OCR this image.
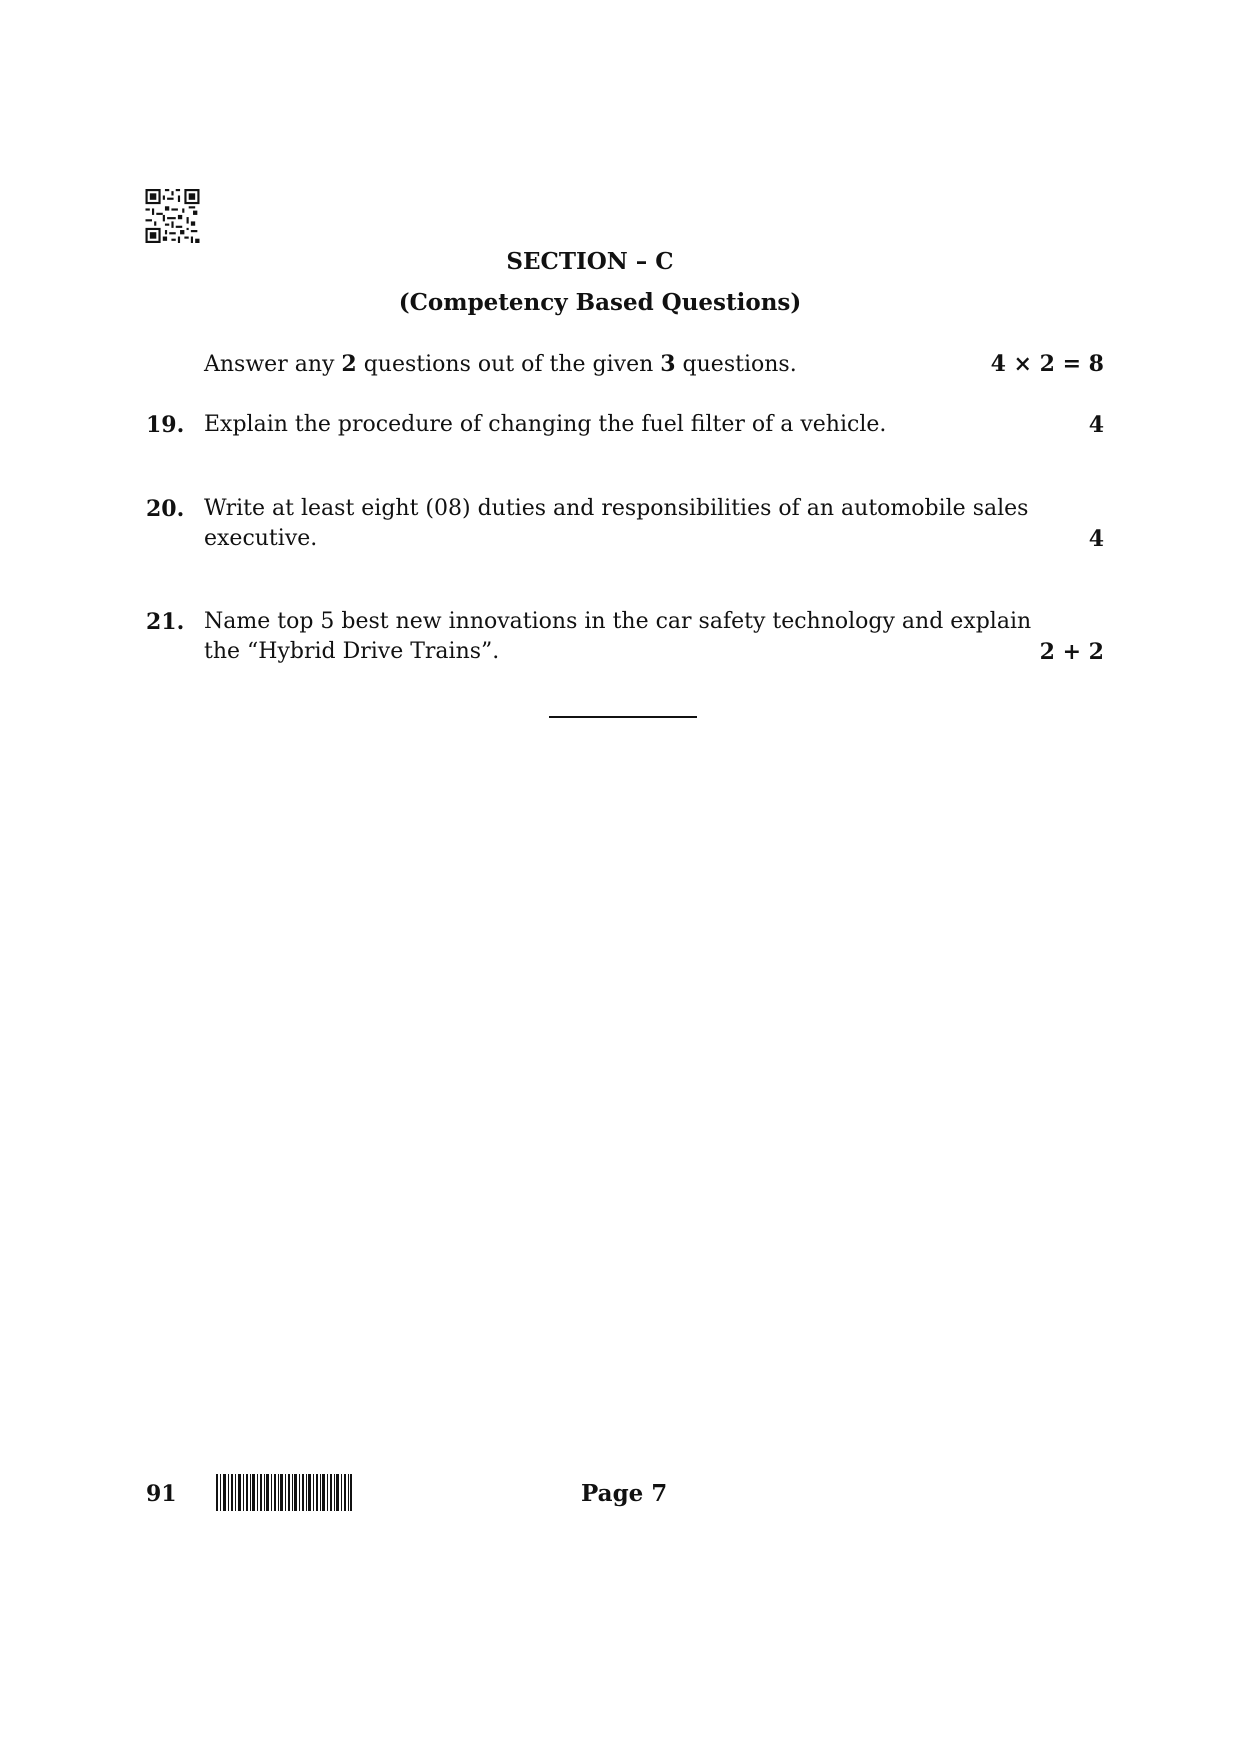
SECTION – C
(Competency Based Questions)
Answer any 2 questions out of the given 3 questions.	4 × 2 = 8
19. Explain the procedure of changing the fuel filter of a vehicle.	4
20. Write at least eight (08) duties and responsibilities of an automobile sales
executive.	4
21. Name top 5 best new innovations in the car safety technology and explain
the “Hybrid Drive Trains”.	2 + 2
91	Page 7
